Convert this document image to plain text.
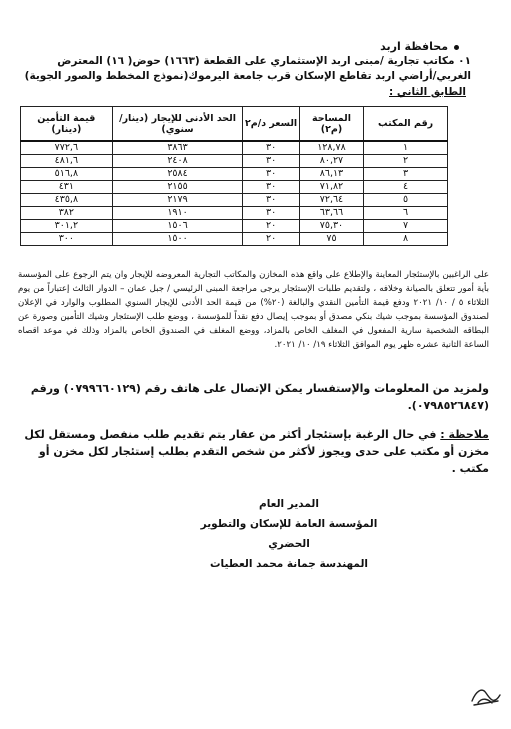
محافظة اربد
٠١ مكاتب تجارية /مبنى اربد الإستثماري على القطعة (١٦٦٣) حوض( ١٦) المعترض الغربي/أراضي اربد تقاطع الإسكان قرب جامعة اليرموك(نموذج المخطط والصور الجوية)
الطابق الثاني :
رقم المكتب	المساحة (م٢)	السعر د/م٢	الحد الأدنى للإيجار (دينار/سنوي)	قيمة التأمين (دينار)
١	١٢٨,٧٨	٣٠	٣٨٦٣	٧٧٢,٦
٢	٨٠,٢٧	٣٠	٢٤٠٨	٤٨١,٦
٣	٨٦,١٣	٣٠	٢٥٨٤	٥١٦,٨
٤	٧١,٨٢	٣٠	٢١٥٥	٤٣١
٥	٧٢,٦٤	٣٠	٢١٧٩	٤٣٥,٨
٦	٦٣,٦٦	٣٠	١٩١٠	٣٨٢
٧	٧٥,٣٠	٢٠	١٥٠٦	٣٠١,٢
٨	٧٥	٢٠	١٥٠٠	٣٠٠
على الراغبين بالإستئجار المعاينة والإطلاع على واقع هذه المخازن والمكاتب التجارية المعروضه للإيجار وان يتم الرجوع على المؤسسة بأية أمور تتعلق بالصيانة وخلافه ، ولتقديم طلبات الإستئجار يرجى مراجعة المبنى الرئيسي / جبل عمان – الدوار الثالث إعتباراً من يوم الثلاثاء ٥ / ١٠/ ٢٠٢١ ودفع قيمة التأمين النقدي والبالغة (٢٠%) من قيمة الحد الأدنى للإيجار السنوي المطلوب والوارد في الإعلان لصندوق المؤسسة بموجب شيك بنكي مصدق أو بموجب إيصال دفع نقداً للمؤسسة ، ووضع طلب الإستئجار وشيك التأمين وصورة عن البطاقه الشخصية سارية المفعول في المغلف الخاص بالمزاد، ووضع المغلف في الصندوق الخاص بالمزاد وذلك في موعد اقصاه الساعة الثانية عشره ظهر يوم الموافق الثلاثاء ١٩/ ١٠/ ٢٠٢١.
ولمزيد من المعلومات والإستفسار يمكن الإتصال على هاتف رقم (٠٧٩٩٦٦٠١٢٩) ورقم (٠٧٩٨٥٢٦٨٤٧).
ملاحظة : في حال الرغبة بإستئجار أكثر من عقار يتم تقديم طلب منفصل ومستقل لكل مخزن أو مكتب على حدى ويجوز لأكثر من شخص التقدم بطلب إستئجار لكل مخزن أو مكتب .
المدير العام
المؤسسة العامة للإسكان والتطوير الحضري
المهندسة جمانة محمد العطيات
